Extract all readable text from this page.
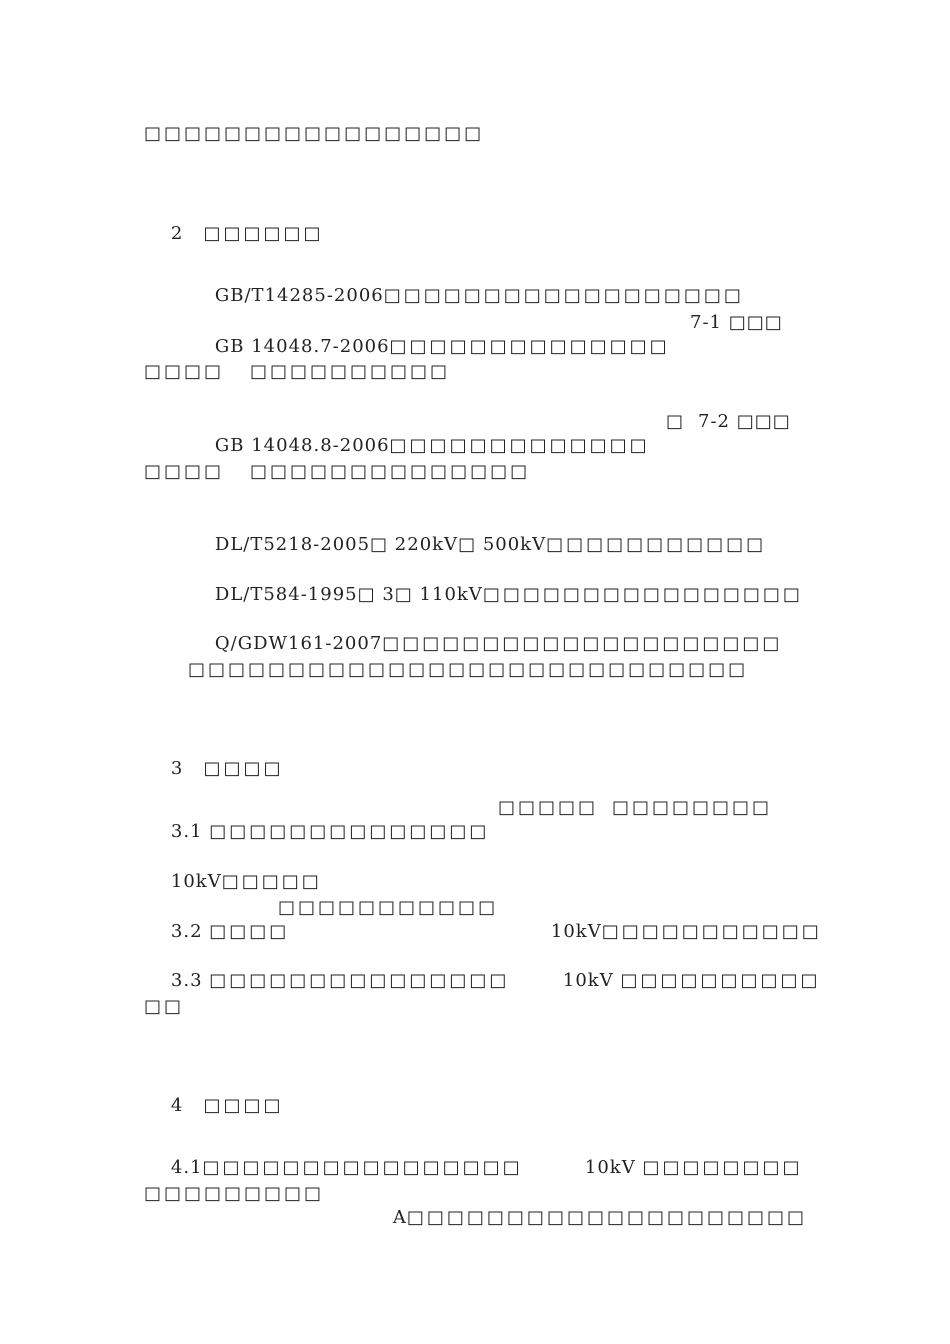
□□□□□□□□□□□□□□□□□

2 □□□□□□

GB/T14285-2006□□□□□□□□□□□□□□□□□□

GB 14048.7-2006□□□□□□□□□□□□□□

7-1 □□□
□□□□ □□□□□□□□□□

GB 14048.8-2006□□□□□□□□□□□□□

□ 7-2 □□□
□□□□ □□□□□□□□□□□□□□

DL/T5218-2005□ 220kV□ 500kV□□□□□□□□□□□

DL/T584-1995□ 3□ 110kV□□□□□□□□□□□□□□□□

Q/GDW161-2007□□□□□□□□□□□□□□□□□□□□

□□□□□□□□□□□□□□□□□□□□□□□□□□□□

3 □□□□

3.1 □□□□□□□□□□□□□□

□□□□□ □□□□□□□□

10kV□□□□□

3.2 □□□□

□□□□□□□□□□□

10kV□□□□□□□□□□□

3.3 □□□□□□□□□□□□□□□
	10kV □□□□□□□□□□

□□

4 □□□□

4.1□□□□□□□□□□□□□□□□
	10kV □□□□□□□□

□□□□□□□□□

A□□□□□□□□□□□□□□□□□□□□
